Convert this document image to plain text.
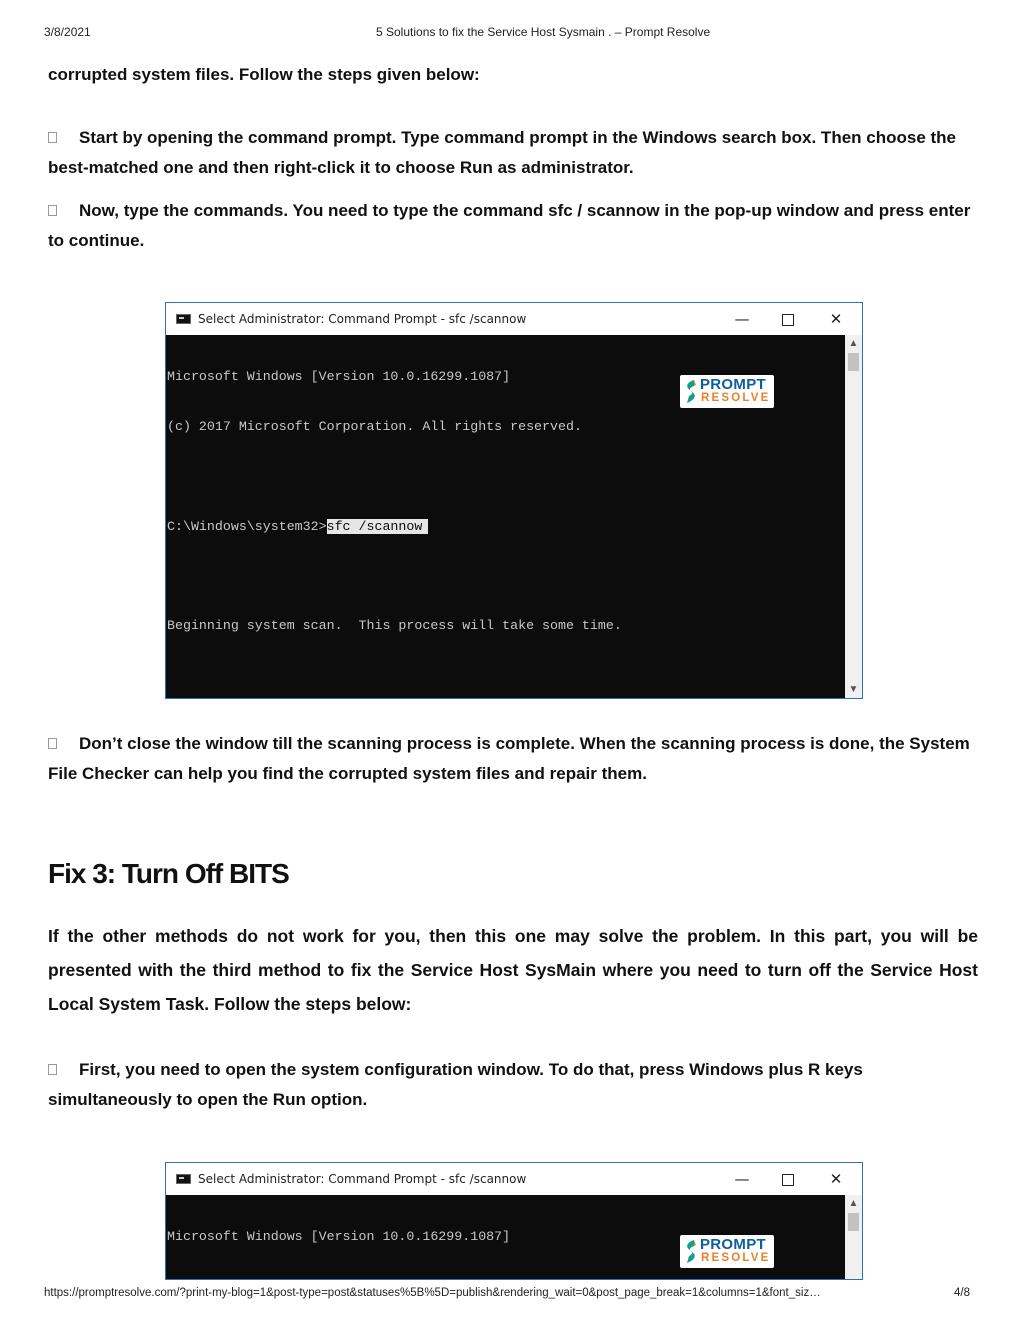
3/8/2021	5 Solutions to fix the Service Host Sysmain . – Prompt Resolve
corrupted system files. Follow the steps given below:
Start by opening the command prompt. Type command prompt in the Windows search box. Then choose the best-matched one and then right-click it to choose Run as administrator.
Now, type the commands. You need to type the command sfc / scannow in the pop-up window and press enter to continue.
Select Administrator: Command Prompt - sfc /scannow	—	✕

Microsoft Windows [Version 10.0.16299.1087]

(c) 2017 Microsoft Corporation. All rights reserved.

C:\Windows\system32>sfc /scannow

Beginning system scan.  This process will take some time.

▲
▼
PROMPT
RESOLVE
Don’t close the window till the scanning process is complete. When the scanning process is done, the System File Checker can help you find the corrupted system files and repair them.
Fix 3: Turn Off BITS
If the other methods do not work for you, then this one may solve the problem. In this part, you will be presented with the third method to fix the Service Host SysMain where you need to turn off the Service Host Local System Task. Follow the steps below:
First, you need to open the system configuration window. To do that, press Windows plus R keys simultaneously to open the Run option.
Select Administrator: Command Prompt - sfc /scannow	—	✕

Microsoft Windows [Version 10.0.16299.1087]

▲
PROMPT
RESOLVE
https://promptresolve.com/?print-my-blog=1&post-type=post&statuses%5B%5D=publish&rendering_wait=0&post_page_break=1&columns=1&font_siz…	4/8
